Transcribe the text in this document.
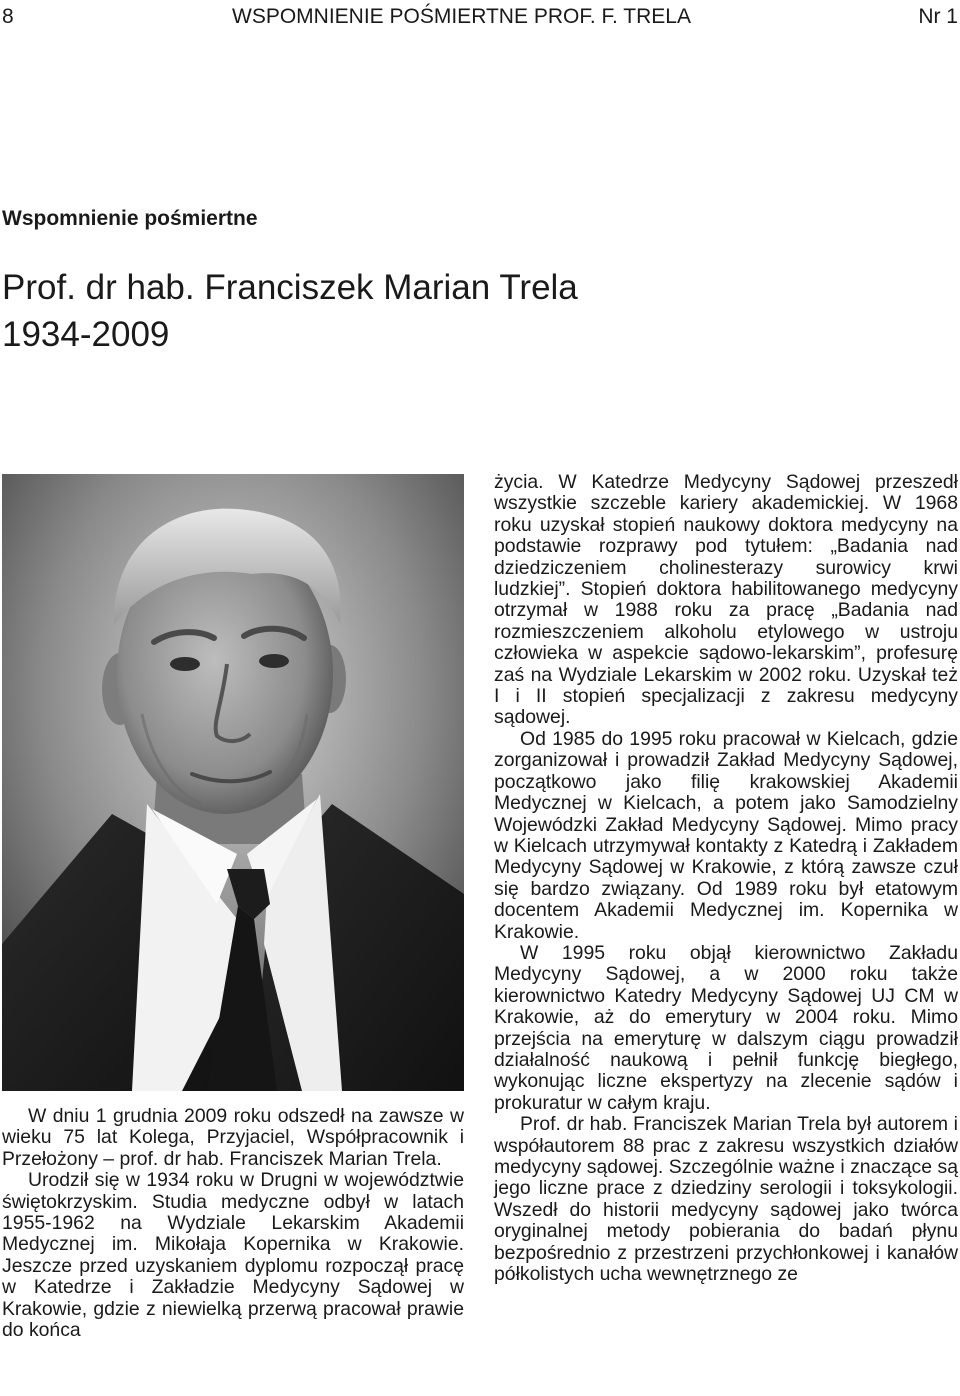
8	WSPOMNIENIE POŚMIERTNE PROF. F. TRELA	Nr 1
Wspomnienie pośmiertne
Prof. dr hab. Franciszek Marian Trela
1934-2009

W dniu 1 grudnia 2009 roku odszedł na zawsze w wieku 75 lat Kolega, Przyjaciel, Współpracownik i Przełożony – prof. dr hab. Franciszek Marian Trela.

Urodził się w 1934 roku w Drugni w województwie świętokrzyskim. Studia medyczne odbył w latach 1955-1962 na Wydziale Lekarskim Akademii Medycznej im. Mikołaja Kopernika w Krakowie. Jeszcze przed uzyskaniem dyplomu rozpoczął pracę w Katedrze i Zakładzie Medycyny Sądowej w Krakowie, gdzie z niewielką przerwą pracował prawie do końca

życia. W Katedrze Medycyny Sądowej przeszedł wszystkie szczeble kariery akademickiej. W 1968 roku uzyskał stopień naukowy doktora medycyny na podstawie rozprawy pod tytułem: „Badania nad dziedziczeniem cholinesterazy surowicy krwi ludzkiej”. Stopień doktora habilitowanego medycyny otrzymał w 1988 roku za pracę „Badania nad rozmieszczeniem alkoholu etylowego w ustroju człowieka w aspekcie sądowo-lekarskim”, profesurę zaś na Wydziale Lekarskim w 2002 roku. Uzyskał też I i II stopień specjalizacji z zakresu medycyny sądowej.

Od 1985 do 1995 roku pracował w Kielcach, gdzie zorganizował i prowadził Zakład Medycyny Sądowej, początkowo jako filię krakowskiej Akademii Medycznej w Kielcach, a potem jako Samodzielny Wojewódzki Zakład Medycyny Sądowej. Mimo pracy w Kielcach utrzymywał kontakty z Katedrą i Zakładem Medycyny Sądowej w Krakowie, z którą zawsze czuł się bardzo związany. Od 1989 roku był etatowym docentem Akademii Medycznej im. Kopernika w Krakowie.

W 1995 roku objął kierownictwo Zakładu Medycyny Sądowej, a w 2000 roku także kierownictwo Katedry Medycyny Sądowej UJ CM w Krakowie, aż do emerytury w 2004 roku. Mimo przejścia na emeryturę w dalszym ciągu prowadził działalność naukową i pełnił funkcję biegłego, wykonując liczne ekspertyzy na zlecenie sądów i prokuratur w całym kraju.

Prof. dr hab. Franciszek Marian Trela był autorem i współautorem 88 prac z zakresu wszystkich działów medycyny sądowej. Szczególnie ważne i znaczące są jego liczne prace z dziedziny serologii i toksykologii. Wszedł do historii medycyny sądowej jako twórca oryginalnej metody pobierania do badań płynu bezpośrednio z przestrzeni przychłonkowej i kanałów półkolistych ucha wewnętrznego ze
